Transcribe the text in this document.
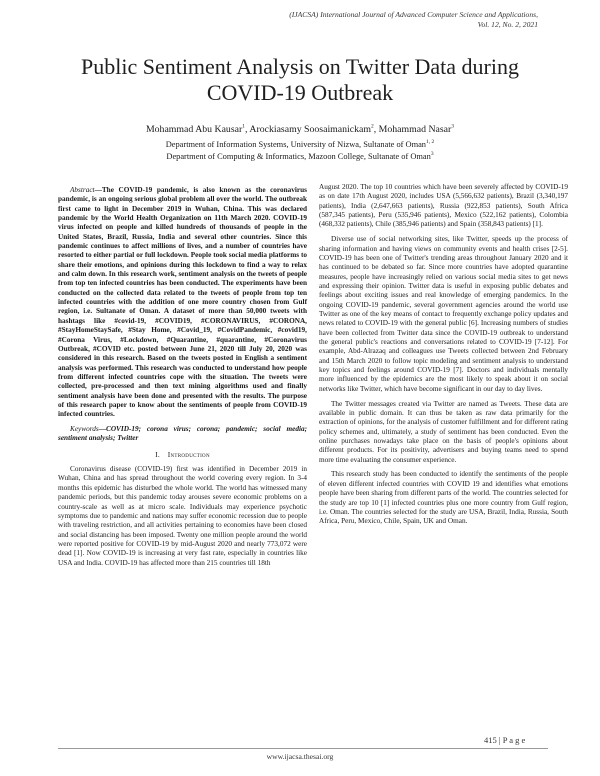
(IJACSA) International Journal of Advanced Computer Science and Applications,
Vol. 12, No. 2, 2021
Public Sentiment Analysis on Twitter Data during
COVID-19 Outbreak
Mohammad Abu Kausar$^1$, Arockiasamy Soosaimanickam$^2$, Mohammad Nasar$^3$
Department of Information Systems, University of Nizwa, Sultanate of Oman$^{1, 2}$
Department of Computing & Informatics, Mazoon College, Sultanate of Oman$^3$

Abstract—The COVID-19 pandemic, is also known as the coronavirus pandemic, is an ongoing serious global problem all over the world. The outbreak first came to light in December 2019 in Wuhan, China. This was declared pandemic by the World Health Organization on 11th March 2020. COVID-19 virus infected on people and killed hundreds of thousands of people in the United States, Brazil, Russia, India and several other countries. Since this pandemic continues to affect millions of lives, and a number of countries have resorted to either partial or full lockdown. People took social media platforms to share their emotions, and opinions during this lockdown to find a way to relax and calm down. In this research work, sentiment analysis on the tweets of people from top ten infected countries has been conducted. The experiments have been conducted on the collected data related to the tweets of people from top ten infected countries with the addition of one more country chosen from Gulf region, i.e. Sultanate of Oman. A dataset of more than 50,000 tweets with hashtags like #covid-19, #COVID19, #CORONAVIRUS, #CORONA, #StayHomeStaySafe, #Stay Home, #Covid_19, #CovidPandemic, #covid19, #Corona Virus, #Lockdown, #Quarantine, #quarantine, #Coronavirus Outbreak, #COVID etc. posted between June 21, 2020 till July 20, 2020 was considered in this research. Based on the tweets posted in English a sentiment analysis was performed. This research was conducted to understand how people from different infected countries cope with the situation. The tweets were collected, pre-processed and then text mining algorithms used and finally sentiment analysis have been done and presented with the results. The purpose of this research paper to know about the sentiments of people from COVID-19 infected countries.

Keywords—COVID-19; corona virus; corona; pandemic; social media; sentiment analysis; Twitter

I. Introduction

Coronavirus disease (COVID-19) first was identified in December 2019 in Wuhan, China and has spread throughout the world covering every region. In 3-4 months this epidemic has disturbed the whole world. The world has witnessed many pandemic periods, but this pandemic today arouses severe economic problems on a country-scale as well as at micro scale. Individuals may experience psychotic symptoms due to pandemic and nations may suffer economic recession due to people with traveling restriction, and all activities pertaining to economies have been closed and social distancing has been imposed. Twenty one million people around the world were reported positive for COVID-19 by mid-August 2020 and nearly 773,072 were dead [1]. Now COVID-19 is increasing at very fast rate, especially in countries like USA and India. COVID-19 has affected more than 215 countries till 18th

August 2020. The top 10 countries which have been severely affected by COVID-19 as on date 17th August 2020, includes USA (5,566,632 patients), Brazil (3,340,197 patients), India (2,647,663 patients), Russia (922,853 patients), South Africa (587,345 patients), Peru (535,946 patients), Mexico (522,162 patients), Colombia (468,332 patients), Chile (385,946 patients) and Spain (358,843 patients) [1].

Diverse use of social networking sites, like Twitter, speeds up the process of sharing information and having views on community events and health crises [2-5]. COVID-19 has been one of Twitter's trending areas throughout January 2020 and it has continued to be debated so far. Since more countries have adopted quarantine measures, people have increasingly relied on various social media sites to get news and expressing their opinion. Twitter data is useful in exposing public debates and feelings about exciting issues and real knowledge of emerging pandemics. In the ongoing COVID-19 pandemic, several government agencies around the world use Twitter as one of the key means of contact to frequently exchange policy updates and news related to COVID-19 with the general public [6]. Increasing numbers of studies have been collected from Twitter data since the COVID-19 outbreak to understand the general public's reactions and conversations related to COVID-19 [7-12]. For example, Abd-Alrazaq and colleagues use Tweets collected between 2nd February and 15th March 2020 to follow topic modeling and sentiment analysis to understand key topics and feelings around COVID-19 [7]. Doctors and individuals mentally more influenced by the epidemics are the most likely to speak about it on social networks like Twitter, which have become significant in our day to day lives.

The Twitter messages created via Twitter are named as Tweets. These data are available in public domain. It can thus be taken as raw data primarily for the extraction of opinions, for the analysis of customer fulfillment and for different rating policy schemes and, ultimately, a study of sentiment has been conducted. Even the online purchases nowadays take place on the basis of people's opinions about different products. For its positivity, advertisers and buying teams need to spend more time evaluating the consumer experience.

This research study has been conducted to identify the sentiments of the people of eleven different infected countries with COVID 19 and identifies what emotions people have been sharing from different parts of the world. The countries selected for the study are top 10 [1] infected countries plus one more country from Gulf region, i.e. Oman. The countries selected for the study are USA, Brazil, India, Russia, South Africa, Peru, Mexico, Chile, Spain, UK and Oman.

415 | P a g e
www.ijacsa.thesai.org
